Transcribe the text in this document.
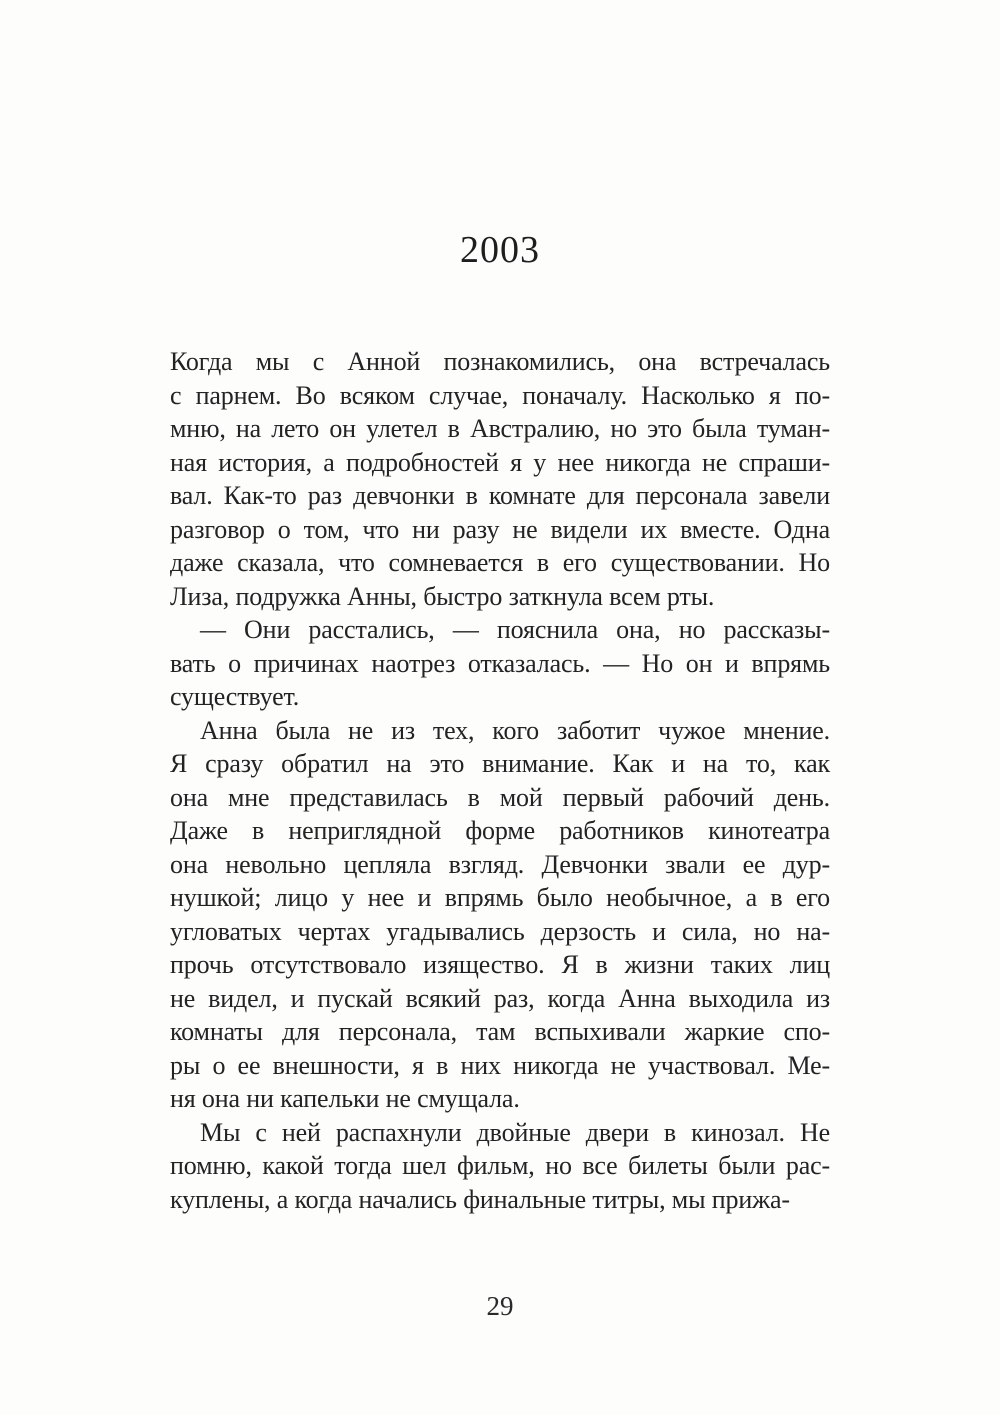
2003
Когда мы с Анной познакомились, она встречалась
с парнем. Во всяком случае, поначалу. Насколько я по-
мню, на лето он улетел в Австралию, но это была туман-
ная история, а подробностей я у нее никогда не спраши-
вал. Как-то раз девчонки в комнате для персонала завели
разговор о том, что ни разу не видели их вместе. Одна
даже сказала, что сомневается в его существовании. Но
Лиза, подружка Анны, быстро заткнула всем рты.
— Они расстались, — пояснила она, но рассказы-
вать о причинах наотрез отказалась. — Но он и впрямь
существует.
Анна была не из тех, кого заботит чужое мнение.
Я сразу обратил на это внимание. Как и на то, как
она мне представилась в мой первый рабочий день.
Даже в неприглядной форме работников кинотеатра
она невольно цепляла взгляд. Девчонки звали ее дур-
нушкой; лицо у нее и впрямь было необычное, а в его
угловатых чертах угадывались дерзость и сила, но на-
прочь отсутствовало изящество. Я в жизни таких лиц
не видел, и пускай всякий раз, когда Анна выходила из
комнаты для персонала, там вспыхивали жаркие спо-
ры о ее внешности, я в них никогда не участвовал. Ме-
ня она ни капельки не смущала.
Мы с ней распахнули двойные двери в кинозал. Не
помню, какой тогда шел фильм, но все билеты были рас-
куплены, а когда начались финальные титры, мы прижа-
29
